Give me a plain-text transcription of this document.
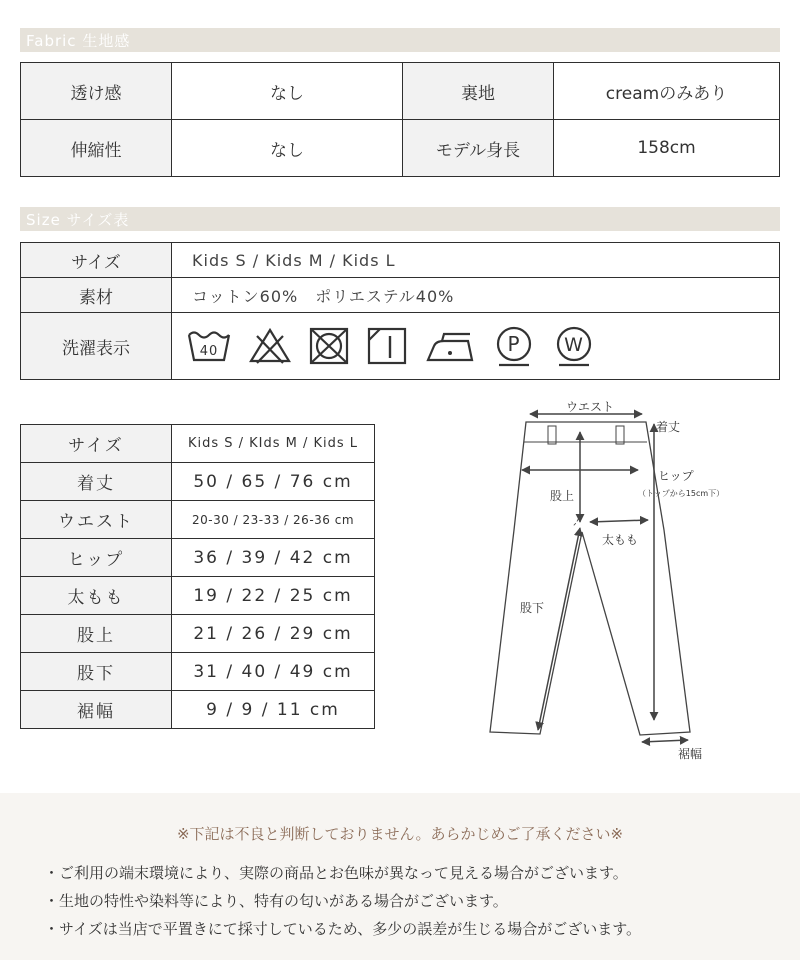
Fabric 生地感
透け感	なし	裏地	creamのみあり
伸縮性	なし	モデル身長	158cm
Size サイズ表
サイズ	Kids S / Kids M / Kids L
素材	コットン60%　ポリエステル40%
洗濯表示	40 P W
サイズ	Kids S / KIds M / Kids L
着丈	50 / 65 / 76 cm
ウエスト	20-30 / 23-33 / 26-36 cm
ヒップ	36 / 39 / 42 cm
太もも	19 / 22 / 25 cm
股上	21 / 26 / 29 cm
股下	31 / 40 / 49 cm
裾幅	9 / 9 / 11 cm
ウエスト
着丈
ヒップ
（トップから15cm下）
股上
太もも
股下
裾幅
※下記は不良と判断しておりません。あらかじめご了承ください※
・ご利用の端末環境により、実際の商品とお色味が異なって見える場合がございます。
・生地の特性や染料等により、特有の匂いがある場合がございます。
・サイズは当店で平置きにて採寸しているため、多少の誤差が生じる場合がございます。
